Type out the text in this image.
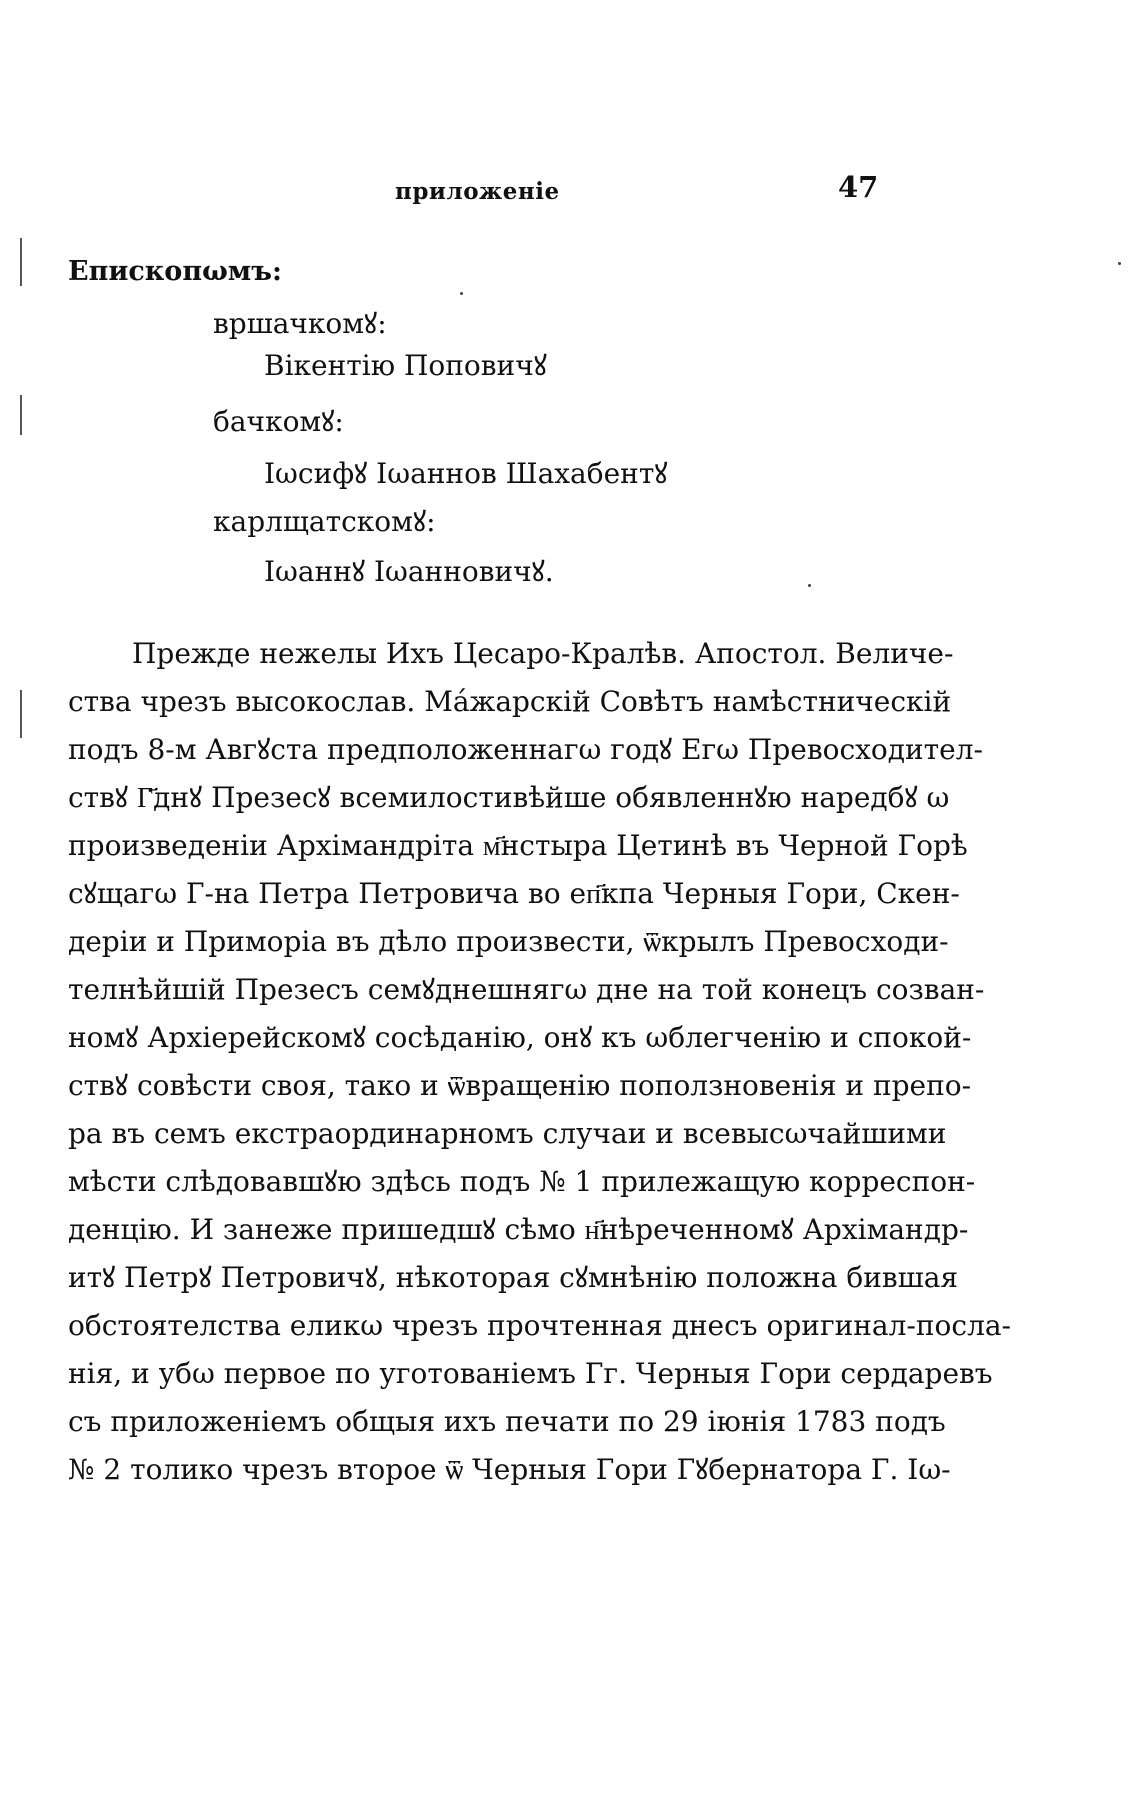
приложеніе	47
Епископωмъ:
вршачкомꙋ:
Вікентію Поповичꙋ
бачкомꙋ:
Іωсифꙋ Іωаннов Шахабентꙋ
карлщатскомꙋ:
Іωаннꙋ Іωанновичꙋ.
Прежде нежелы Ихъ Цесаро-Кралѣв. Апостол. Величе-
ства чрезъ высокослав. Ма́жарскій Совѣтъ намѣстническій
подъ 8-м Авгꙋста предположеннагω годꙋ Егω Превосходител-
ствꙋ Г҃днꙋ Презесꙋ всемилостивѣйше обявленнꙋю наредбꙋ ω
произведеніи Архімандріта м҃нстыра Цетинѣ въ Черной Горѣ
сꙋщагω Г-на Петра Петровича во еп҃кпа Черныя Гори, Скен-
деріи и Приморіа въ дѣло произвести, ѿкрылъ Превосходи-
телнѣйшій Презесъ семꙋднешнягω дне на той конецъ созван-
номꙋ Архіерейскомꙋ сосѣданію, онꙋ къ ωблегченію и спокой-
ствꙋ совѣсти своя, тако и ѿвращенію поползновенія и препо-
ра въ семъ екстраординарномъ случаи и всевысωчайшими
мѣсти слѣдовавшꙋю здѣсь подъ № 1 прилежащую корреспон-
денцію. И занеже пришедшꙋ сѣмо н҃нѣреченномꙋ Архімандр-
итꙋ Петрꙋ Петровичꙋ, нѣкоторая сꙋмнѣнію положна бившая
обстоятелства еликω чрезъ прочтенная днесъ оригинал-посла-
нія, и убω первое по уготованіемъ Гг. Черныя Гори сердаревъ
съ приложеніемъ общыя ихъ печати по 29 іюнія 1783 подъ
№ 2 толико чрезъ второе ѿ Черныя Гори Гꙋбернатора Г. Іω-
